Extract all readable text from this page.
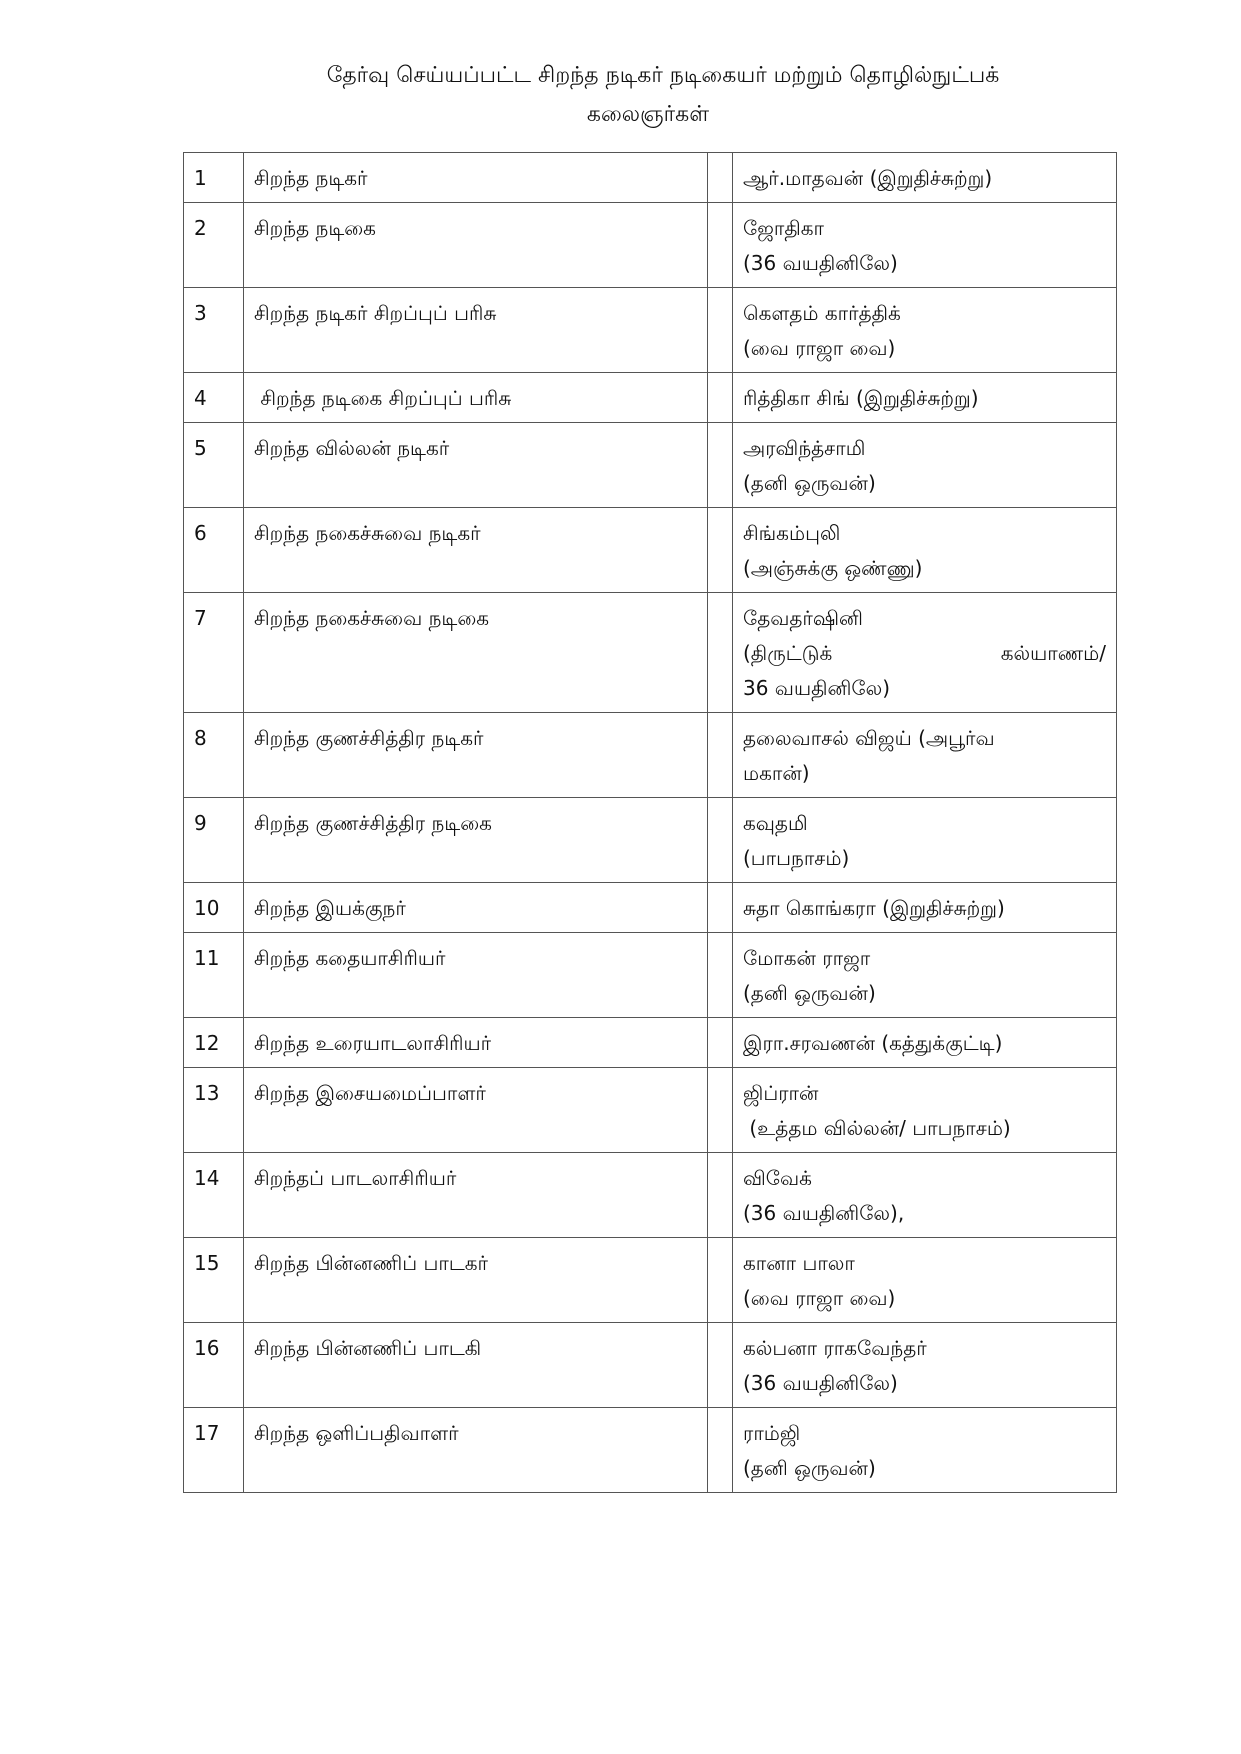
தேர்வு செய்யப்பட்ட சிறந்த நடிகர் நடிகையர் மற்றும் தொழில்நுட்பக்
கலைஞர்கள்
1	சிறந்த நடிகர்		ஆர்.மாதவன் (இறுதிச்சுற்று)

2	சிறந்த நடிகை		ஜோதிகா
(36 வயதினிலே)

3	சிறந்த நடிகர் சிறப்புப் பரிசு		கௌதம் கார்த்திக்
(வை ராஜா வை)

4	சிறந்த நடிகை சிறப்புப் பரிசு		ரித்திகா சிங் (இறுதிச்சுற்று)

5	சிறந்த வில்லன் நடிகர்		அரவிந்த்சாமி
(தனி ஒருவன்)

6	சிறந்த நகைச்சுவை நடிகர்		சிங்கம்புலி
(அஞ்சுக்கு ஒண்ணு)

7	சிறந்த நகைச்சுவை நடிகை		தேவதர்ஷினி
(திருட்டுக் கல்யாணம்/
36 வயதினிலே)

8	சிறந்த குணச்சித்திர நடிகர்		தலைவாசல் விஜய் (அபூர்வ
மகான்)

9	சிறந்த குணச்சித்திர நடிகை		கவுதமி
(பாபநாசம்)

10	சிறந்த இயக்குநர்		சுதா கொங்கரா (இறுதிச்சுற்று)

11	சிறந்த கதையாசிரியர்		மோகன் ராஜா
(தனி ஒருவன்)

12	சிறந்த உரையாடலாசிரியர்		இரா.சரவணன் (கத்துக்குட்டி)

13	சிறந்த இசையமைப்பாளர்		ஜிப்ரான்
(உத்தம வில்லன்/ பாபநாசம்)

14	சிறந்தப் பாடலாசிரியர்		விவேக்
(36 வயதினிலே),

15	சிறந்த பின்னணிப் பாடகர்		கானா பாலா
(வை ராஜா வை)

16	சிறந்த பின்னணிப் பாடகி		கல்பனா ராகவேந்தர்
(36 வயதினிலே)

17	சிறந்த ஒளிப்பதிவாளர்		ராம்ஜி
(தனி ஒருவன்)
